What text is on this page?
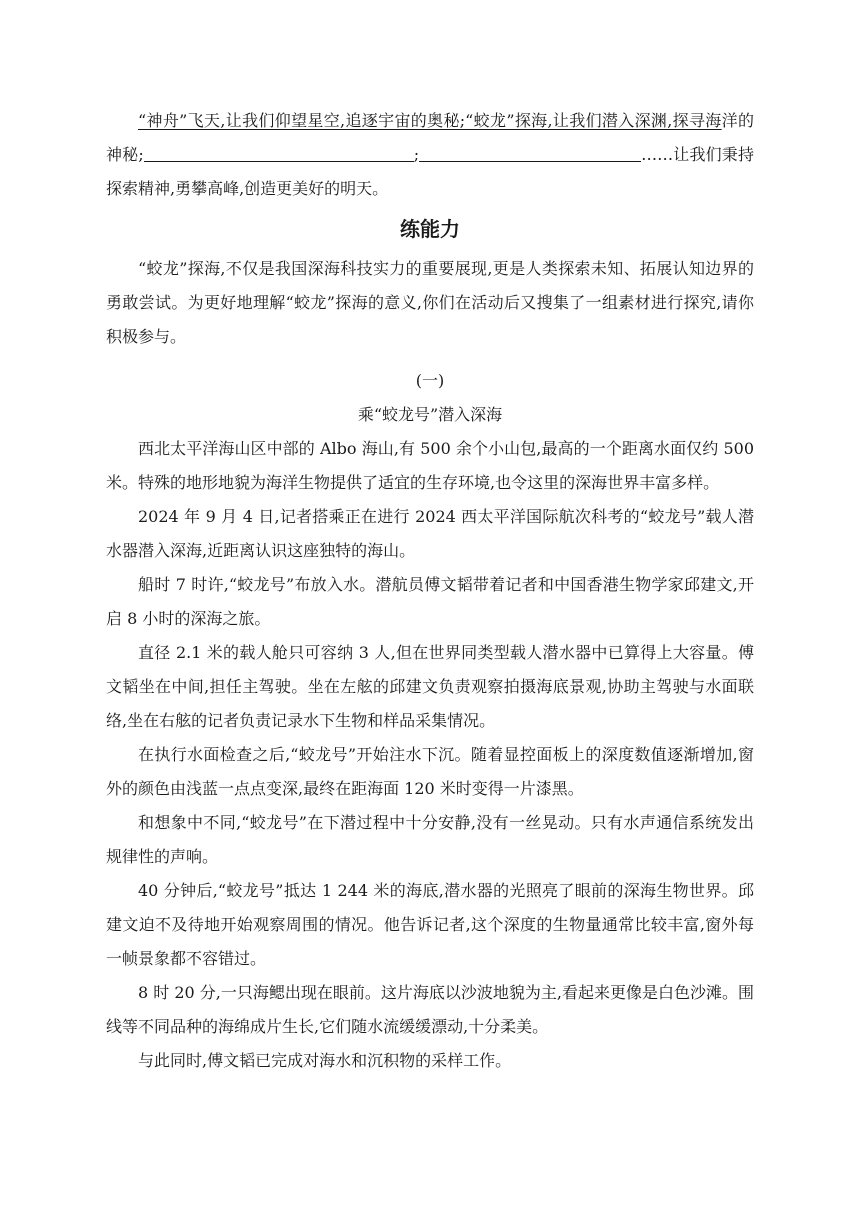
“神舟”飞天,让我们仰望星空,追逐宇宙的奥秘;“蛟龙”探海,让我们潜入深渊,探寻海洋的神秘;	;	……让我们秉持探索精神,勇攀高峰,创造更美好的明天。

练能力

“蛟龙”探海,不仅是我国深海科技实力的重要展现,更是人类探索未知、拓展认知边界的勇敢尝试。为更好地理解“蛟龙”探海的意义,你们在活动后又搜集了一组素材进行探究,请你积极参与。

(一)

乘“蛟龙号”潜入深海

西北太平洋海山区中部的 Albo 海山,有 500 余个小山包,最高的一个距离水面仅约 500 米。特殊的地形地貌为海洋生物提供了适宜的生存环境,也令这里的深海世界丰富多样。

2024 年 9 月 4 日,记者搭乘正在进行 2024 西太平洋国际航次科考的“蛟龙号”载人潜水器潜入深海,近距离认识这座独特的海山。

船时 7 时许,“蛟龙号”布放入水。潜航员傅文韬带着记者和中国香港生物学家邱建文,开启 8 小时的深海之旅。

直径 2.1 米的载人舱只可容纳 3 人,但在世界同类型载人潜水器中已算得上大容量。傅文韬坐在中间,担任主驾驶。坐在左舷的邱建文负责观察拍摄海底景观,协助主驾驶与水面联络,坐在右舷的记者负责记录水下生物和样品采集情况。

在执行水面检查之后,“蛟龙号”开始注水下沉。随着显控面板上的深度数值逐渐增加,窗外的颜色由浅蓝一点点变深,最终在距海面 120 米时变得一片漆黑。

和想象中不同,“蛟龙号”在下潜过程中十分安静,没有一丝晃动。只有水声通信系统发出规律性的声响。

40 分钟后,“蛟龙号”抵达 1 244 米的海底,潜水器的光照亮了眼前的深海生物世界。邱建文迫不及待地开始观察周围的情况。他告诉记者,这个深度的生物量通常比较丰富,窗外每一帧景象都不容错过。

8 时 20 分,一只海鳃出现在眼前。这片海底以沙波地貌为主,看起来更像是白色沙滩。围线等不同品种的海绵成片生长,它们随水流缓缓漂动,十分柔美。

与此同时,傅文韬已完成对海水和沉积物的采样工作。
